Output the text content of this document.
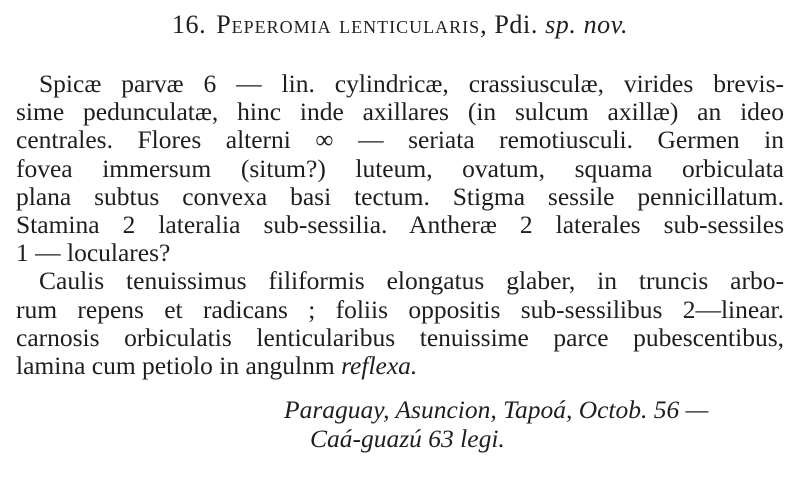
16. Peperomia lenticularis, Pdi. sp. nov.
Spicæ parvæ 6 — lin. cylindricæ, crassiusculæ, virides brevis-
sime pedunculatæ, hinc inde axillares (in sulcum axillæ) an ideo
centrales. Flores alterni ∞ — seriata remotiusculi. Germen in
fovea immersum (situm?) luteum, ovatum, squama orbiculata
plana subtus convexa basi tectum. Stigma sessile pennicillatum.
Stamina 2 lateralia sub-sessilia. Antheræ 2 laterales sub-sessiles
1 — loculares?
Caulis tenuissimus filiformis elongatus glaber, in truncis arbo-
rum repens et radicans ; foliis oppositis sub-sessilibus 2—linear.
carnosis orbiculatis lenticularibus tenuissime parce pubescentibus,
lamina cum petiolo in angulnm reflexa.
Paraguay, Asuncion, Tapoá, Octob. 56 —
Caá-guazú 63 legi.
